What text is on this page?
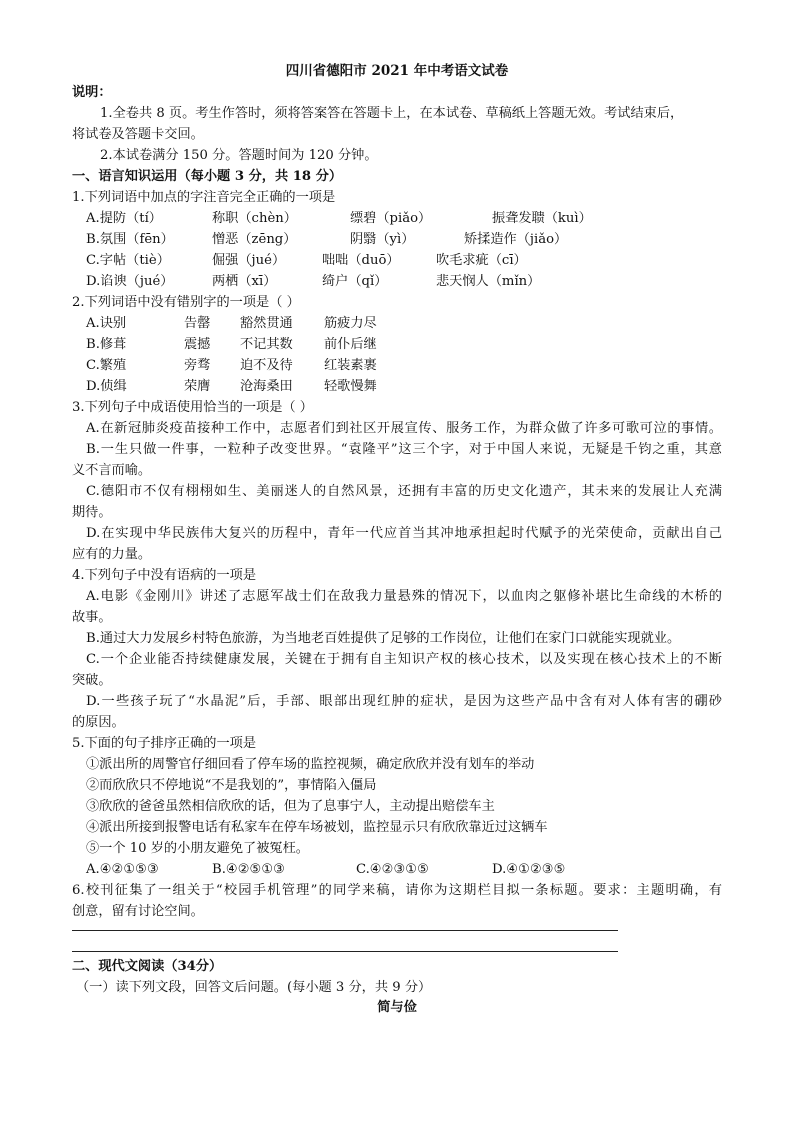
四川省德阳市 2021 年中考语文试卷
说明：
1.全卷共 8 页。考生作答时，须将答案答在答题卡上，在本试卷、草稿纸上答题无效。考试结束后，
将试卷及答题卡交回。
2.本试卷满分 150 分。答题时间为 120 分钟。
一、语言知识运用（每小题 3 分，共 18 分）
1.下列词语中加点的字注音完全正确的一项是
A.提防（tí）	称职（chèn）	缥碧（piǎo）	振聋发聩（kuì）
B.氛围（fēn）	憎恶（zēng）	阴翳（yì）	矫揉造作（jiǎo）
C.字帖（tiè）	倔强（jué）	咄咄（duō）	吹毛求疵（cī）
D.谄谀（jué）	两栖（xī）	绮户（qǐ）	悲天悯人（mǐn）
2.下列词语中没有错别字的一项是（ ）
A.诀别	告罄 豁然贯通 筋疲力尽
B.修葺	震撼 不记其数 前仆后继
C.繁殖	旁骛 迫不及待 红装素裹
D.侦缉	荣膺 沧海桑田 轻歌慢舞
3.下列句子中成语使用恰当的一项是（ ）
A.在新冠肺炎疫苗接种工作中，志愿者们到社区开展宣传、服务工作，为群众做了许多可歌可泣的事情。
B.一生只做一件事，一粒种子改变世界。“袁隆平”这三个字，对于中国人来说，无疑是千钧之重，其意
义不言而喻。
C.德阳市不仅有栩栩如生、美丽迷人的自然风景，还拥有丰富的历史文化遗产，其未来的发展让人充满
期待。
D.在实现中华民族伟大复兴的历程中，青年一代应首当其冲地承担起时代赋予的光荣使命，贡献出自己
应有的力量。
4.下列句子中没有语病的一项是
A.电影《金刚川》讲述了志愿军战士们在敌我力量悬殊的情况下，以血肉之躯修补堪比生命线的木桥的
故事。
B.通过大力发展乡村特色旅游，为当地老百姓提供了足够的工作岗位，让他们在家门口就能实现就业。
C.一个企业能否持续健康发展，关键在于拥有自主知识产权的核心技术，以及实现在核心技术上的不断
突破。
D.一些孩子玩了“水晶泥”后，手部、眼部出现红肿的症状，是因为这些产品中含有对人体有害的硼砂
的原因。
5.下面的句子排序正确的一项是
①派出所的周警官仔细回看了停车场的监控视频，确定欣欣并没有划车的举动
②而欣欣只不停地说“不是我划的”，事情陷入僵局
③欣欣的爸爸虽然相信欣欣的话，但为了息事宁人，主动提出赔偿车主
④派出所接到报警电话有私家车在停车场被划，监控显示只有欣欣靠近过这辆车
⑤一个 10 岁的小朋友避免了被冤枉。
A.④②①⑤③	B.④②⑤①③	C.④②③①⑤	D.④①②③⑤
6.校刊征集了一组关于“校园手机管理”的同学来稿，请你为这期栏目拟一条标题。要求：主题明确，有
创意，留有讨论空间。
二、现代文阅读（34分）
（一）读下列文段，回答文后问题。(每小题 3 分，共 9 分）
简与俭
